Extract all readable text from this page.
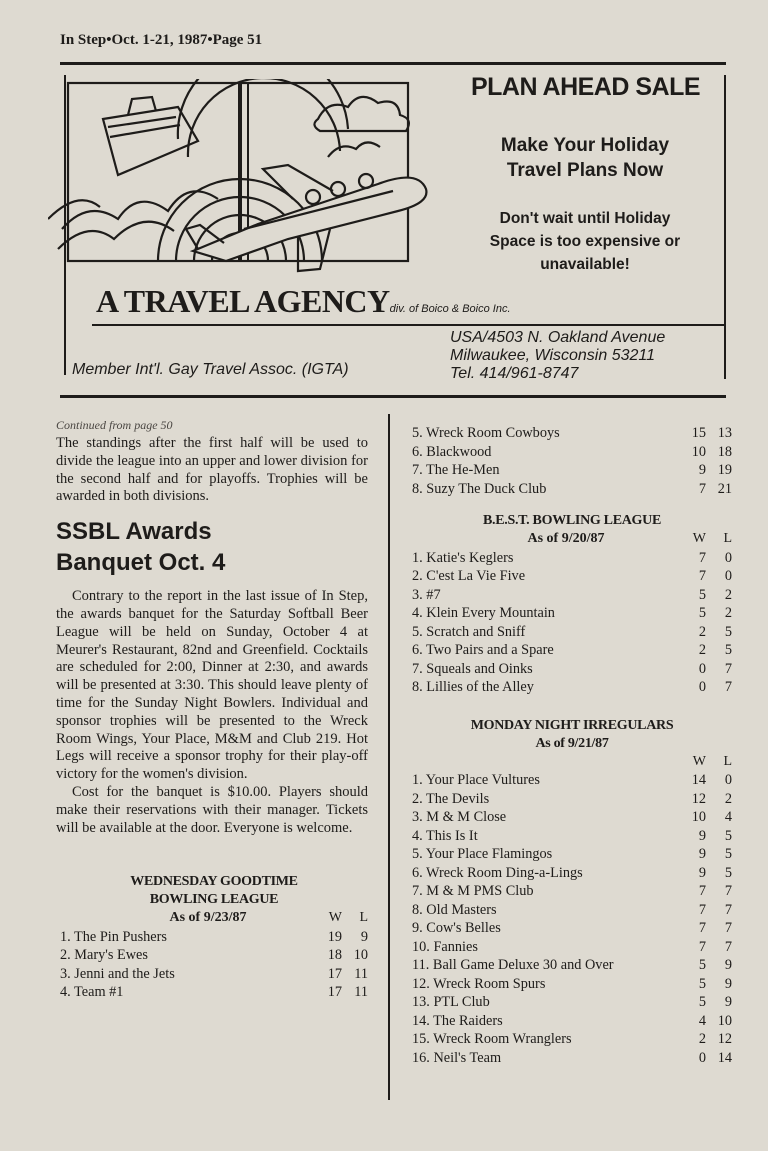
In Step•Oct. 1-21, 1987•Page 51
PLAN AHEAD SALE
Make Your Holiday
Travel Plans Now
Don't wait until Holiday
Space is too expensive or
unavailable!
A TRAVEL AGENCYdiv. of Boico & Boico Inc.
Member Int'l. Gay Travel Assoc. (IGTA)
USA/4503 N. Oakland Avenue
Milwaukee, Wisconsin 53211
Tel. 414/961-8747
Continued from page 50

The standings after the first half will be used to divide the league into an upper and lower division for the second half and for playoffs. Trophies will be awarded in both divisions.

SSBL Awards
Banquet Oct. 4

Contrary to the report in the last issue of In Step, the awards banquet for the Saturday Softball Beer League will be held on Sunday, October 4 at Meurer's Restaurant, 82nd and Greenfield. Cocktails are scheduled for 2:00, Dinner at 2:30, and awards will be presented at 3:30. This should leave plenty of time for the Sunday Night Bowlers. Individual and sponsor trophies will be presented to the Wreck Room Wings, Your Place, M&M and Club 219. Hot Legs will receive a sponsor trophy for their play-off victory for the women's division.

Cost for the banquet is $10.00. Players should make their reservations with their manager. Tickets will be available at the door. Everyone is welcome.

WEDNESDAY GOODTIME
BOWLING LEAGUE
As of 9/23/87	W	L
1. The Pin Pushers	19	9
2. Mary's Ewes	18	10
3. Jenni and the Jets	17	11
4. Team #1	17	11
5. Wreck Room Cowboys	15	13
6. Blackwood	10	18
7. The He-Men	9	19
8. Suzy The Duck Club	7	21
B.E.S.T. BOWLING LEAGUE
As of 9/20/87	W	L
1. Katie's Keglers	7	0
2. C'est La Vie Five	7	0
3. #7	5	2
4. Klein Every Mountain	5	2
5. Scratch and Sniff	2	5
6. Two Pairs and a Spare	2	5
7. Squeals and Oinks	0	7
8. Lillies of the Alley	0	7
MONDAY NIGHT IRREGULARS
As of 9/21/87
	W	L
1. Your Place Vultures	14	0
2. The Devils	12	2
3. M & M Close	10	4
4. This Is It	9	5
5. Your Place Flamingos	9	5
6. Wreck Room Ding-a-Lings	9	5
7. M & M PMS Club	7	7
8. Old Masters	7	7
9. Cow's Belles	7	7
10. Fannies	7	7
11. Ball Game Deluxe 30 and Over	5	9
12. Wreck Room Spurs	5	9
13. PTL Club	5	9
14. The Raiders	4	10
15. Wreck Room Wranglers	2	12
16. Neil's Team	0	14
